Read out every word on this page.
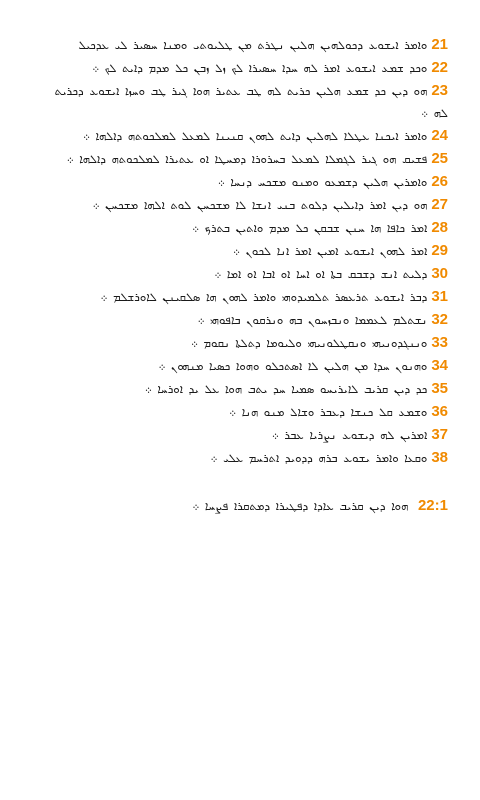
21ܘܐܡܪ ܐܝܫܘܥ ܕܟܘܠܗܝܢ ܗܠܝܢ ܢܛܪܬ ܡܢ ܛܠܝܘܬܝ ܘܡܢܐ ܚܣܝܪ ܠܝ ܥܕܟܝܠ
22ܘܟܕ ܫܡܥ ܐܝܫܘܥ ܐܡܪ ܠܗ ܚܕܐ ܚܣܝܪܐ ܠܟ ܙܠ ܙܒܢ ܟܠ ܡܕܡ ܕܐܝܬ ܠܟ ܀
23ܗܘ ܕܝܢ ܟܕ ܫܡܥ ܗܠܝܢ ܟܪܝܬ ܠܗ ܛܒ ܥܬܝܪ ܗܘܐ ܓܝܪ ܛܒ ܘܚܙܐ ܐܝܫܘܥ ܕܟܪܝܬ ܠܗ ܀
24ܘܐܡܪ ܐܝܟܢܐ ܥܛܠܐ ܠܗܠܝܢ ܕܐܝܬ ܠܗܘܢ ܩܢܝܢܐ ܠܡܥܠ ܠܡܠܟܘܬܗ ܕܐܠܗܐ ܀
25ܦܫܝܩ ܗܘ ܓܝܪ ܠܓܡܠܐ ܠܡܥܠ ܒܚܪܘܪܐ ܕܡܚܛܐ ܐܘ ܥܬܝܪܐ ܠܡܠܟܘܬܗ ܕܐܠܗܐ ܀
26ܘܐܡܪܝܢ ܗܠܝܢ ܕܫܡܥܘ ܘܡܢܘ ܡܫܟܚ ܕܢܚܐ ܀
27ܗܘ ܕܝܢ ܐܡܪ ܕܐܝܠܝܢ ܕܠܘܬ ܒܢܝ ܐܢܫܐ ܠܐ ܡܫܟܚܢ ܠܘܬ ܐܠܗܐ ܡܫܟܚܢ ܀
28ܐܡܪ ܟܐܦܐ ܗܐ ܚܢܢ ܫܒܩܢ ܟܠ ܡܕܡ ܘܐܬܝܢ ܒܬܪܟ ܀
29ܐܡܪ ܠܗܘܢ ܐܝܫܘܥ ܐܡܝܢ ܐܡܪ ܐܢܐ ܠܟܘܢ ܀
30ܕܠܝܬ ܐܢܫ ܕܫܒܩ ܒܬܐ ܐܘ ܐܚܐ ܐܘ ܐܒܐ ܐܘ ܐܡܐ ܀
31ܕܒܪ ܐܝܫܘܥ ܬܪܥܣܪ ܬܠܡܝܕܘܗܝ ܘܐܡܪ ܠܗܘܢ ܗܐ ܣܠܩܝܢܢ ܠܐܘܪܫܠܡ ܀
32ܢܫܬܠܡ ܠܥܡܡܐ ܘܢܒܙܚܘܢ ܒܗ ܘܢܪܩܘܢ ܒܐܦܘܗܝ ܀
33ܘܢܢܓܕܘܢܝܗܝ ܘܢܩܛܠܘܢܝܗܝ ܘܠܝܘܡܐ ܕܬܠܬܐ ܢܩܘܡ ܀
34ܘܗܢܘܢ ܚܕܐ ܡܢ ܗܠܝܢ ܠܐ ܐܣܬܟܠܘ ܘܗܘܐ ܟܣܝܐ ܡܢܗܘܢ ܀
35ܟܕ ܕܝܢ ܩܪܝܒ ܠܐܝܪܝܚܘ ܣܡܝܐ ܚܕ ܝܬܒ ܗܘܐ ܥܠ ܝܕ ܐܘܪܚܐ ܀
36ܘܫܡܥ ܩܠ ܟܢܫܐ ܕܥܒܪ ܘܫܐܠ ܡܢܘ ܗܢܐ ܀
37ܐܡܪܝܢ ܠܗ ܕܝܫܘܥ ܢܨܪܝܐ ܥܒܪ ܀
38ܘܩܥܐ ܘܐܡܪ ܝܫܘܥ ܒܪܗ ܕܕܘܝܕ ܐܬܪܚܡ ܥܠܝ ܀
22:1 ܗܘܐ ܕܝܢ ܩܪܝܒ ܥܐܕܐ ܕܦܛܝܪܐ ܕܡܬܩܪܐ ܦܨܚܐ ܀
